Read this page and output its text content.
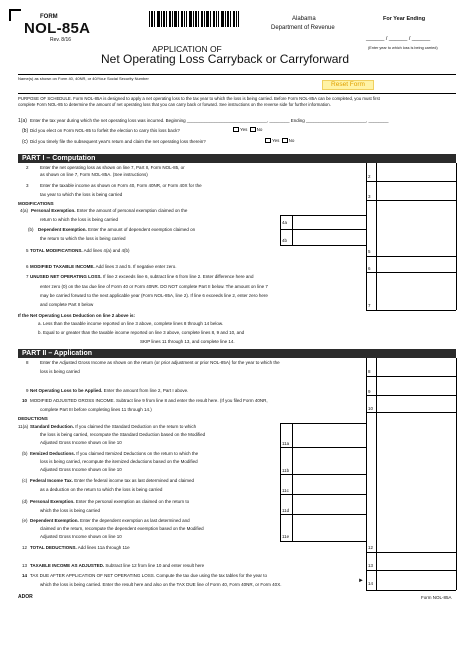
FORM
NOL-85A
Rev. 8/16
Alabama
Department of Revenue
For Year Ending
______ / ______ / ______
(Enter year to which loss is being carried)
APPLICATION OF
Net Operating Loss Carryback or Carryforward
Name(s) as shown on Form 40, 40NR, or 40/Your Social Security Number
Reset Form
PURPOSE OF SCHEDULE. Form NOL-85A is designed to apply a net operating loss to the tax year to which the loss is being carried. Before Form NOL-85A can be completed, you must first
complete Form NOL-85 to determine the amount of net operating loss that you can carry back or forward. See instructions on the reverse side for further information.
1(a) Enter the tax year during which the net operating loss was incurred. Beginning ________________________________, ________ Ending ________________________, ________
(b) Did you elect on Form NOL-85 to forfeit the election to carry this loss back?	Yes No
(c) Did you timely file the subsequent year's return and claim the net operating loss therein?	Yes No
PART I – Computation
2	Enter the net operating loss as shown on line 7, Part II, Form NOL-85, or
as shown on line 7, Form NOL-85A. (See instructions)	2
3	Enter the taxable income as shown on Form 40, Form 40NR, or Form 40X for the
tax year to which the loss is being carried	3
MODIFICATIONS
4(a) Personal Exemption. Enter the amount of personal exemption claimed on the
return to which the loss is being carried
4a
(b) Dependent Exemption. Enter the amount of dependent exemption claimed on
the return to which the loss is being carried	4b
5 TOTAL MODIFICATIONS. Add lines 4(a) and 4(b)	5
6 MODIFIED TAXABLE INCOME. Add lines 3 and 5. If negative enter zero.	6
7 UNUSED NET OPERATING LOSS. If line 2 exceeds line 6, subtract line 6 from line 2. Enter difference here and
enter zero (0) on the tax due line of Form 40 or Form 40NR. DO NOT complete Part II below. The amount on line 7
may be carried forward to the next applicable year (Form NOL-85A, line 2). If line 6 exceeds line 2, enter zero here
and complete Part II below	7
If the Net Operating Loss Deduction on line 2 above is:
a. Less than the taxable income reported on line 3 above, complete lines 8 through 14 below.
b. Equal to or greater than the taxable income reported on line 3 above, complete lines 8, 9 and 10, and
SKIP lines 11 through 13, and complete line 14.
PART II – Application
8	Enter the Adjusted Gross Income as shown on the return (or prior adjustment or prior NOL-85A) for the year to which the
loss is being carried	8
9 Net Operating Loss to be Applied. Enter the amount from line 2, Part I above.	9
10 MODIFIED ADJUSTED GROSS INCOME. Subtract line 9 from line 8 and enter the result here. (If you filed Form 40NR,
complete Part III before completing lines 11 through 14.)	10
DEDUCTIONS
11(a) Standard Deduction. If you claimed the Standard Deduction on the return to which
the loss is being carried, recompute the Standard Deduction based on the Modified
Adjusted Gross Income shown on line 10	11a
(b) Itemized Deductions. If you claimed Itemized Deductions on the return to which the
loss is being carried, recompute the itemized deductions based on the Modified
Adjusted Gross Income shown on line 10	11b
(c) Federal Income Tax. Enter the federal income tax as last determined and claimed
as a deduction on the return to which the loss is being carried	11c
(d) Personal Exemption. Enter the personal exemption as claimed on the return to
which the loss is being carried	11d
(e) Dependent Exemption. Enter the dependent exemption as last determined and
claimed on the return, recompute the dependent exemption based on the Modified
Adjusted Gross Income shown on line 10	11e
12 TOTAL DEDUCTIONS. Add lines 11a through 11e	12
13 TAXABLE INCOME AS ADJUSTED. Subtract line 12 from line 10 and enter result here	13
14 TAX DUE AFTER APPLICATION OF NET OPERATING LOSS. Compute the tax due using the tax tables for the year to
which the loss is being carried. Enter the result here and also on the TAX DUE line of Form 40, Form 40NR, or Form 40X.	14
►
ADOR	Form NOL-85A
